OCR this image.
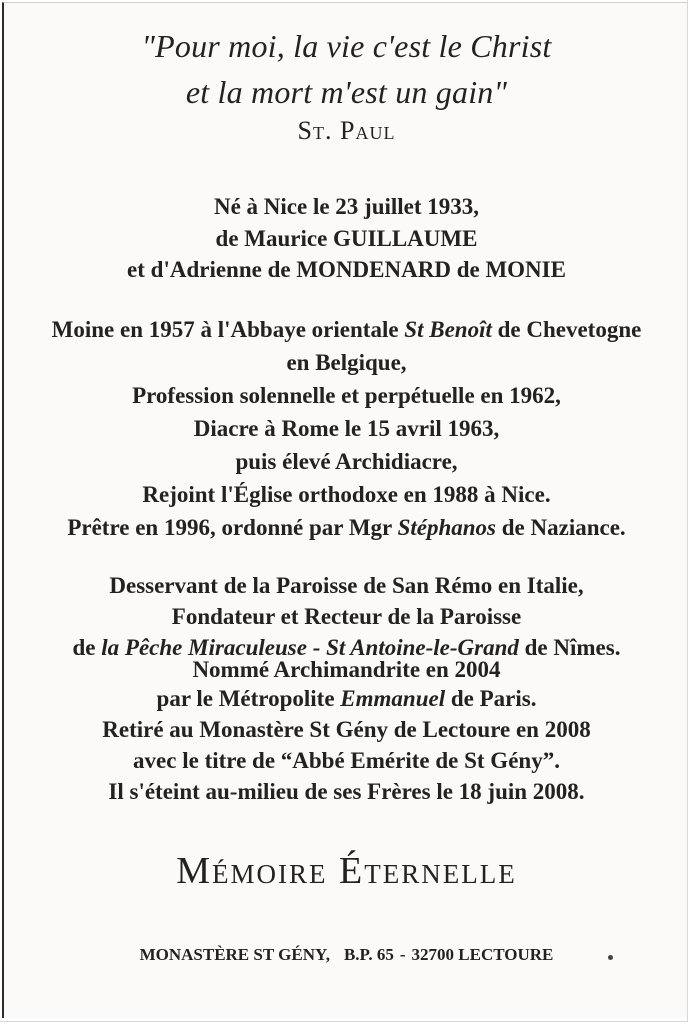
"Pour moi, la vie c'est le Christ
et la mort m'est un gain"
St. Paul
Né à Nice le 23 juillet 1933,
de Maurice GUILLAUME
et d'Adrienne de MONDENARD de MONIE
Moine en 1957 à l'Abbaye orientale St Benoît de Chevetogne
en Belgique,
Profession solennelle et perpétuelle en 1962,
Diacre à Rome le 15 avril 1963,
puis élevé Archidiacre,
Rejoint l'Église orthodoxe en 1988 à Nice.
Prêtre en 1996, ordonné par Mgr Stéphanos de Naziance.
Desservant de la Paroisse de San Rémo en Italie,
Fondateur et Recteur de la Paroisse
de la Pêche Miraculeuse - St Antoine-le-Grand de Nîmes.
Nommé Archimandrite en 2004
par le Métropolite Emmanuel de Paris.
Retiré au Monastère St Gény de Lectoure en 2008
avec le titre de “Abbé Emérite de St Gény”.
Il s'éteint au-milieu de ses Frères le 18 juin 2008.
Mémoire Éternelle
MONASTÈRE ST GÉNY, B.P. 65 - 32700 LECTOURE
